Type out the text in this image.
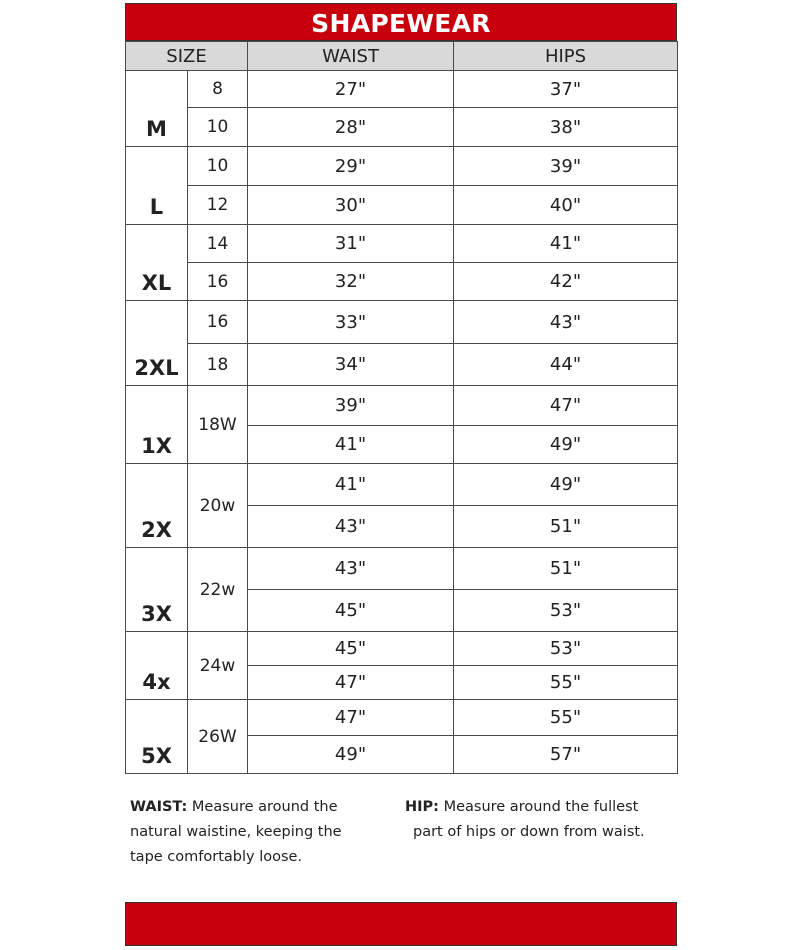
SHAPEWEAR
SIZE		WAIST	HIPS
M	8	27"	37"
	10	28"	38"
L	10	29"	39"
	12	30"	40"
XL	14	31"	41"
	16	32"	42"
2XL	16	33"	43"
	18	34"	44"
1X	18W	39"	47"
		41"	49"
2X	20w	41"	49"
		43"	51"
3X	22w	43"	51"
		45"	53"
4x	24w	45"	53"
		47"	55"
5X	26W	47"	55"
		49"	57"
WAIST: Measure around the
natural waistine, keeping the
tape comfortably loose.
HIP: Measure around the fullest
part of hips or down from waist.
